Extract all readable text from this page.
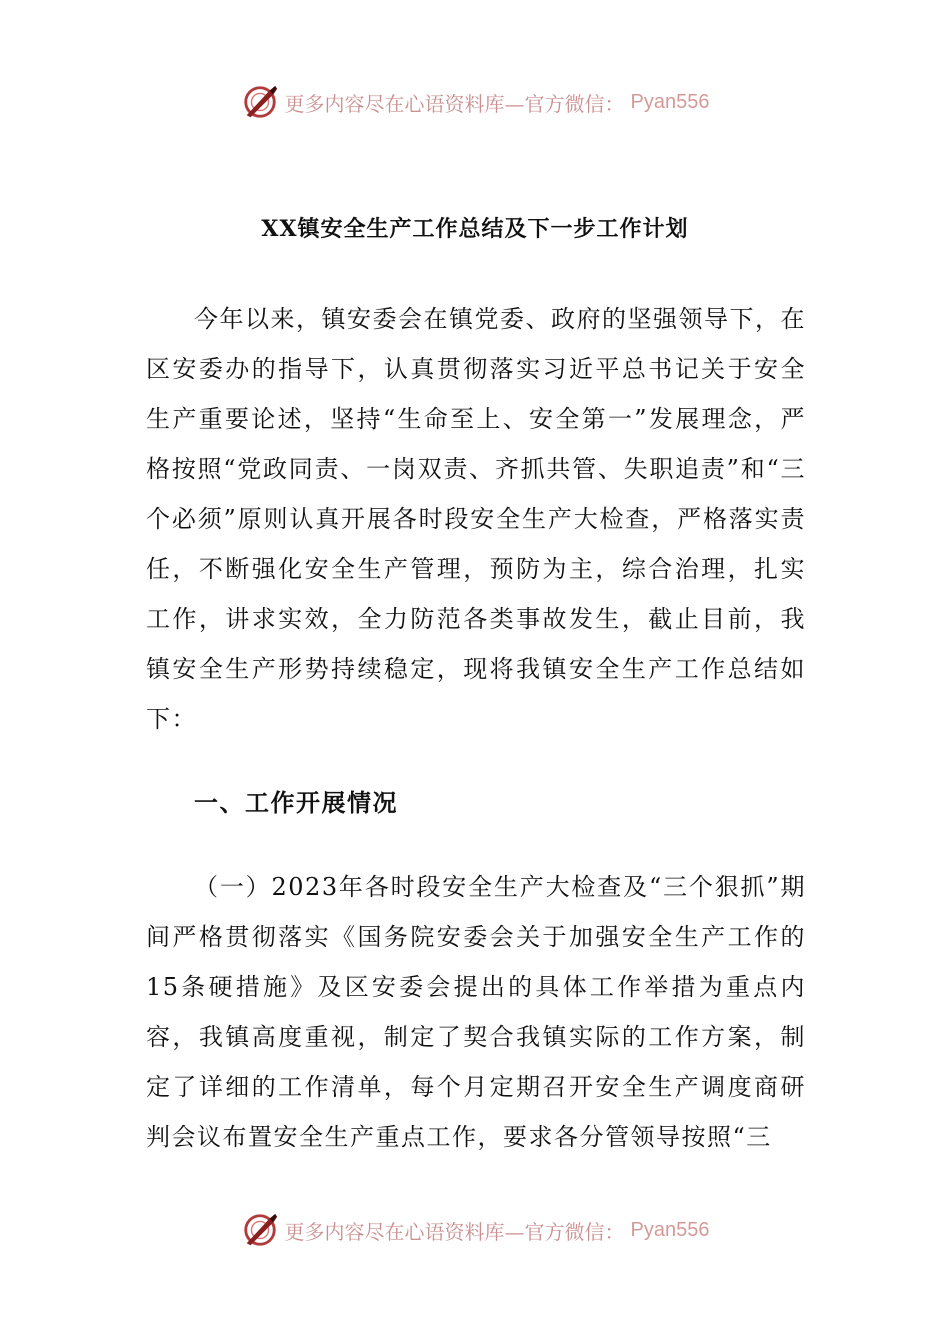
更多内容尽在心语资料库—官方微信： Pyan556
XX镇安全生产工作总结及下一步工作计划

今年以来，镇安委会在镇党委、政府的坚强领导下，在区安委办的指导下，认真贯彻落实习近平总书记关于安全生产重要论述，坚持“生命至上、安全第一”发展理念，严格按照“党政同责、一岗双责、齐抓共管、失职追责”和“三个必须”原则认真开展各时段安全生产大检查，严格落实责任，不断强化安全生产管理，预防为主，综合治理，扎实工作，讲求实效，全力防范各类事故发生，截止目前，我镇安全生产形势持续稳定，现将我镇安全生产工作总结如下：

一、工作开展情况

（一）2023年各时段安全生产大检查及“三个狠抓”期间严格贯彻落实《国务院安委会关于加强安全生产工作的15条硬措施》及区安委会提出的具体工作举措为重点内容，我镇高度重视，制定了契合我镇实际的工作方案，制定了详细的工作清单，每个月定期召开安全生产调度商研判会议布置安全生产重点工作，要求各分管领导按照“三

更多内容尽在心语资料库—官方微信： Pyan556
